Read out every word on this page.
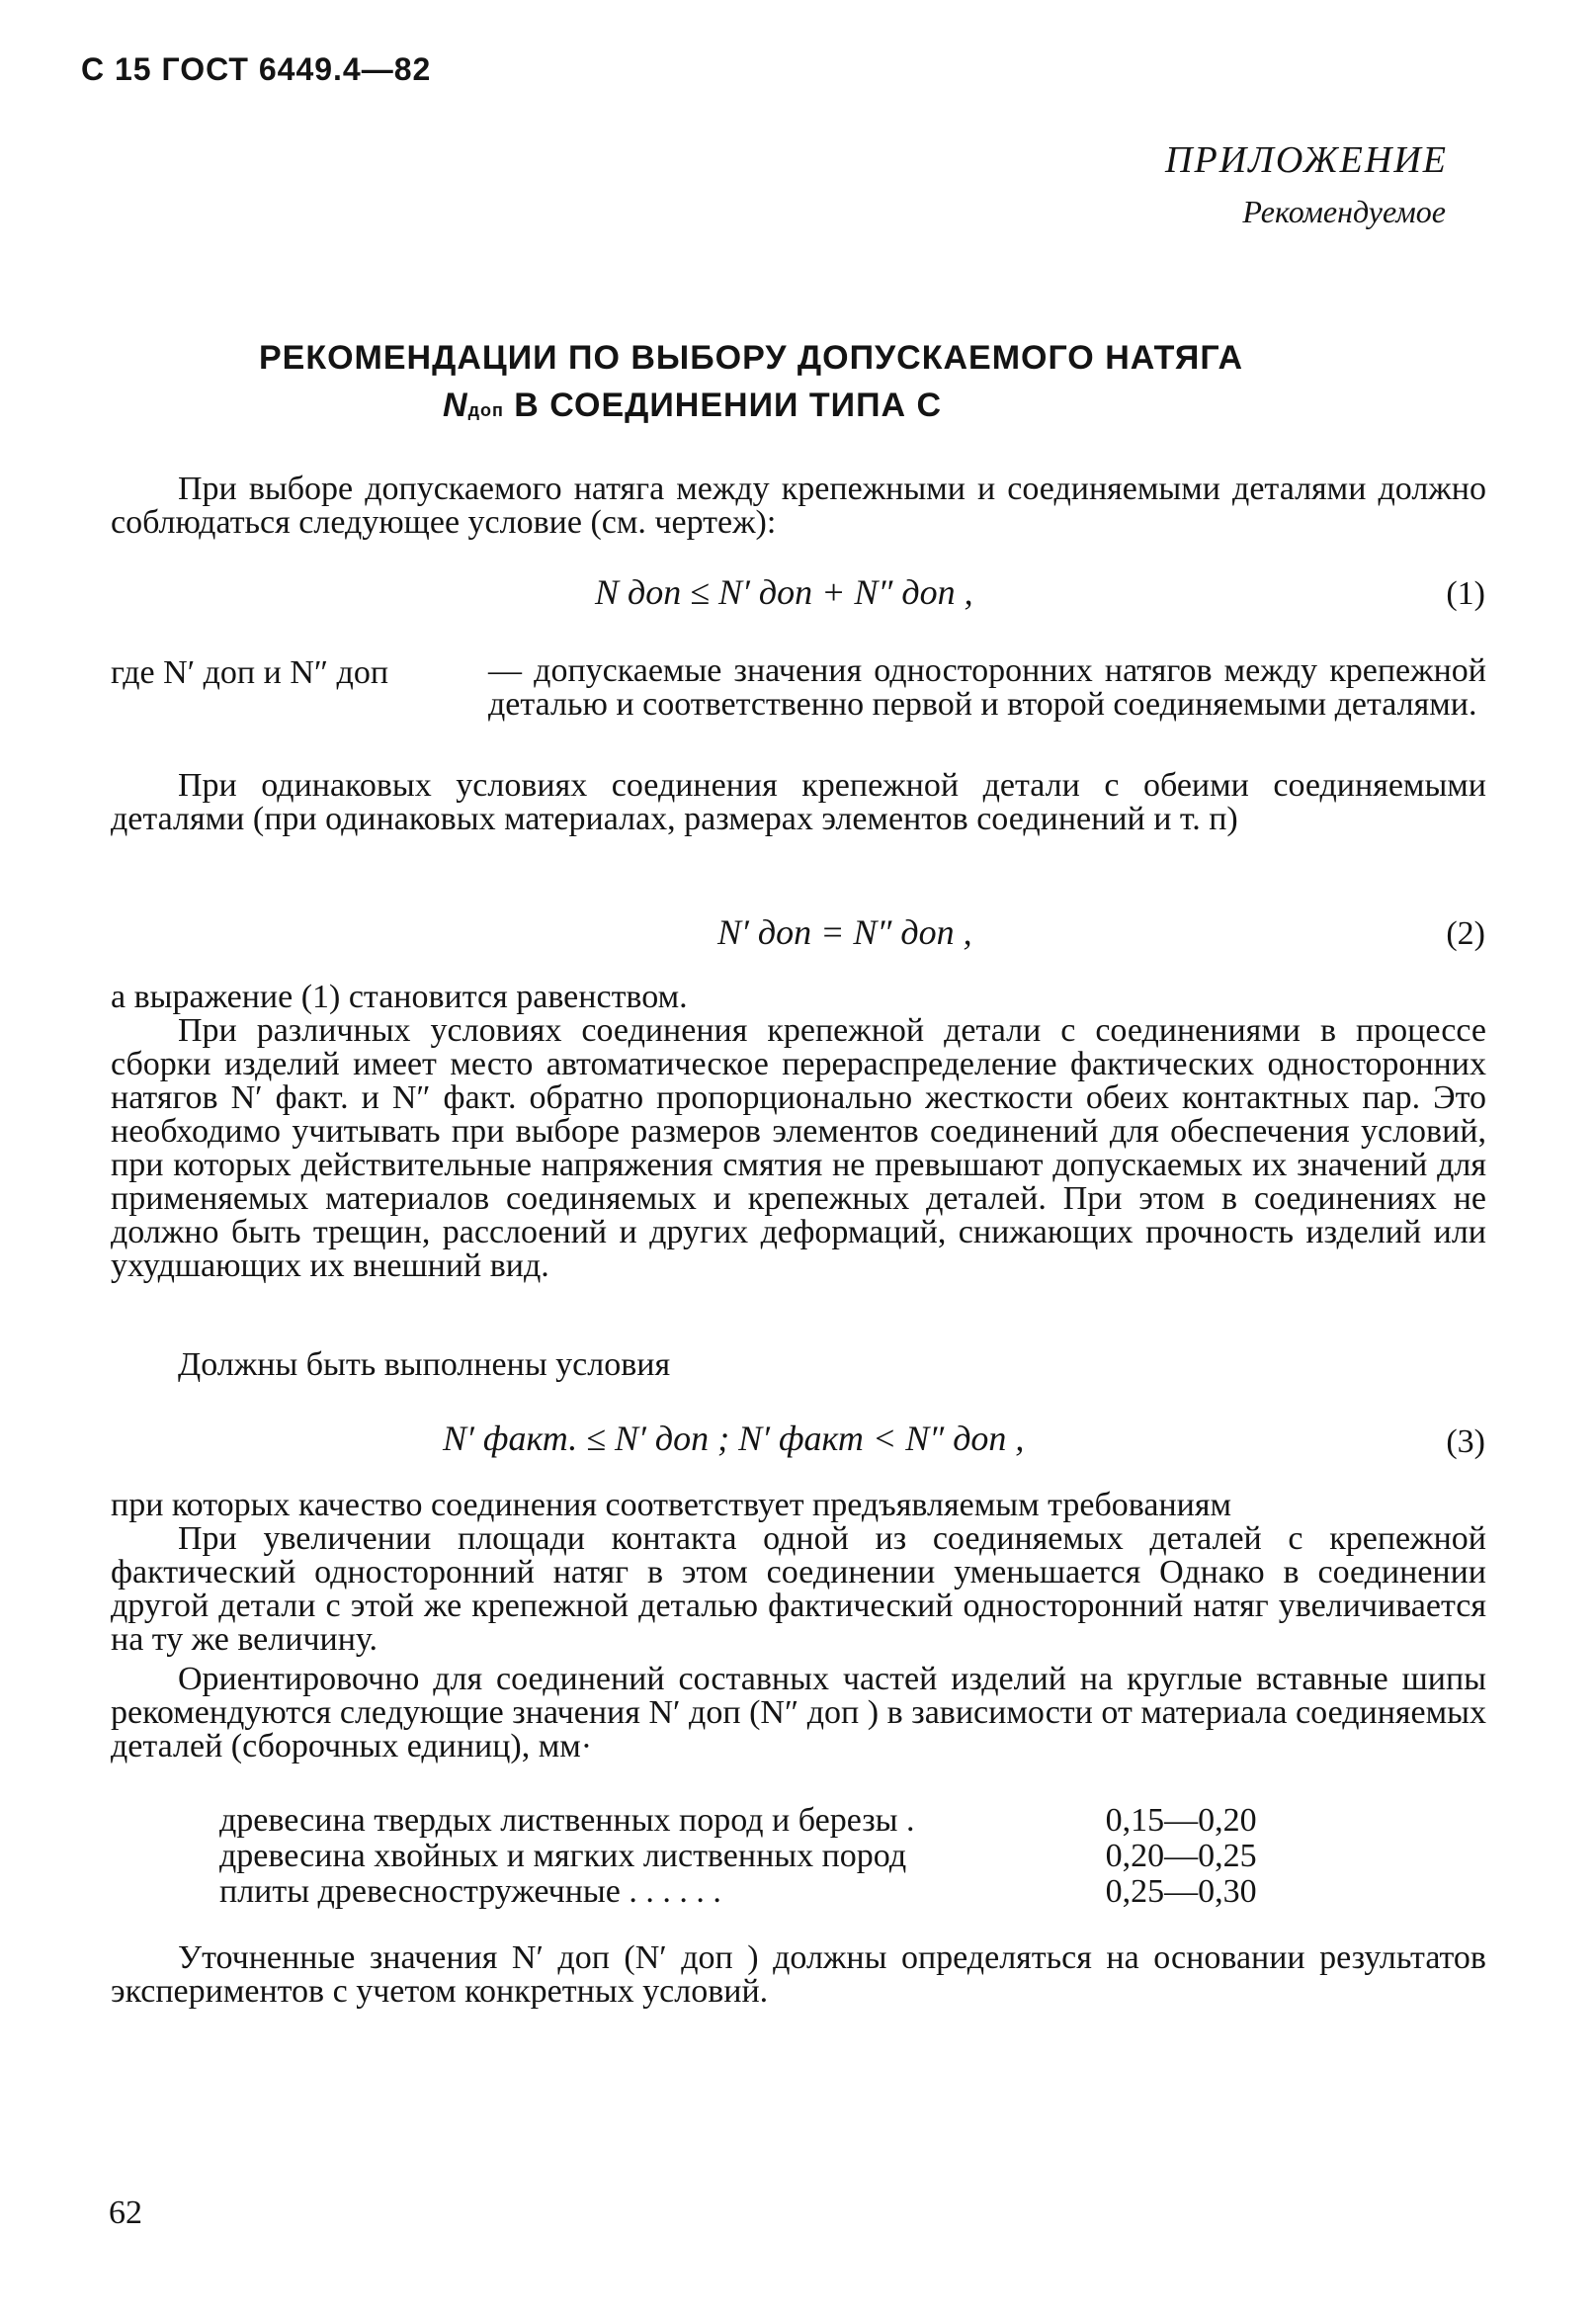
С 15 ГОСТ 6449.4—82
ПРИЛОЖЕНИЕ
Рекомендуемое
РЕКОМЕНДАЦИИ ПО ВЫБОРУ ДОПУСКАЕМОГО НАТЯГА
Nдоп В СОЕДИНЕНИИ ТИПА С
При выборе допускаемого натяга между крепежными и соединяемыми деталями должно соблюдаться следующее условие (см. чертеж):
N доп ≤ N′ доп + N″ доп ,	(1)
где N′ доп и N″ доп	— допускаемые значения односторонних натягов между крепежной деталью и соответственно первой и второй соединяемыми деталями.
При одинаковых условиях соединения крепежной детали с обеими соединяемыми деталями (при одинаковых материалах, размерах элементов соединений и т. п)
N′ доп = N″ доп ,	(2)
а выражение (1) становится равенством.
При различных условиях соединения крепежной детали с соединениями в процессе сборки изделий имеет место автоматическое перераспределение фактических односторонних натягов N′ факт. и N″ факт. обратно пропорционально жесткости обеих контактных пар. Это необходимо учитывать при выборе размеров элементов соединений для обеспечения условий, при которых действительные напряжения смятия не превышают допускаемых их значений для применяемых материалов соединяемых и крепежных деталей. При этом в соединениях не должно быть трещин, расслоений и других деформаций, снижающих прочность изделий или ухудшающих их внешний вид.
Должны быть выполнены условия
N′ факт. ≤ N′ доп ; N′ факт < N″ доп ,	(3)
при которых качество соединения соответствует предъявляемым требованиям
При увеличении площади контакта одной из соединяемых деталей с крепежной фактический односторонний натяг в этом соединении уменьшается Однако в соединении другой детали с этой же крепежной деталью фактический односторонний натяг увеличивается на ту же величину.
Ориентировочно для соединений составных частей изделий на круглые вставные шипы рекомендуются следующие значения N′ доп (N″ доп ) в зависимости от материала соединяемых деталей (сборочных единиц), мм·
древесина твердых лиственных пород и березы .	0,15—0,20
древесина хвойных и мягких лиственных пород	0,20—0,25
плиты древесностружечные . . . . . .	0,25—0,30
Уточненные значения N′ доп (N′ доп ) должны определяться на основании результатов экспериментов с учетом конкретных условий.
62
